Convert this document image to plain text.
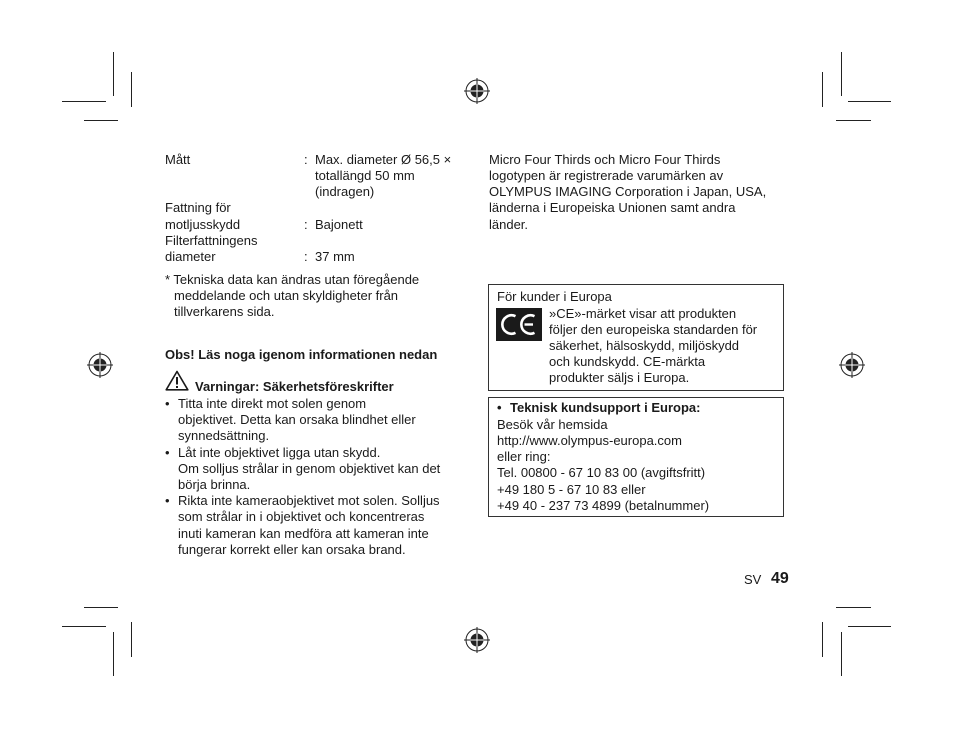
Mått	: Max. diameter Ø 56,5 ×
totallängd 50 mm
(indragen)
Fattning för
motljusskydd	: Bajonett
Filterfattningens
diameter	: 37 mm
* Tekniska data kan ändras utan föregående
meddelande och utan skyldigheter från
tillverkarens sida.
Obs! Läs noga igenom informationen nedan
Varningar: Säkerhetsföreskrifter
• Titta inte direkt mot solen genom
objektivet. Detta kan orsaka blindhet eller
synnedsättning.
• Låt inte objektivet ligga utan skydd.
Om solljus strålar in genom objektivet kan det
börja brinna.
• Rikta inte kameraobjektivet mot solen. Solljus
som strålar in i objektivet och koncentreras
inuti kameran kan medföra att kameran inte
fungerar korrekt eller kan orsaka brand.
Micro Four Thirds och Micro Four Thirds
logotypen är registrerade varumärken av
OLYMPUS IMAGING Corporation i Japan, USA,
länderna i Europeiska Unionen samt andra
länder.
För kunder i Europa
»CE»-märket visar att produkten
följer den europeiska standarden för
säkerhet, hälsoskydd, miljöskydd
och kundskydd. CE-märkta
produkter säljs i Europa.
• Teknisk kundsupport i Europa:
Besök vår hemsida
http://www.olympus-europa.com
eller ring:
Tel. 00800 - 67 10 83 00 (avgiftsfritt)
+49 180 5 - 67 10 83 eller
+49 40 - 237 73 4899 (betalnummer)
SV 49
